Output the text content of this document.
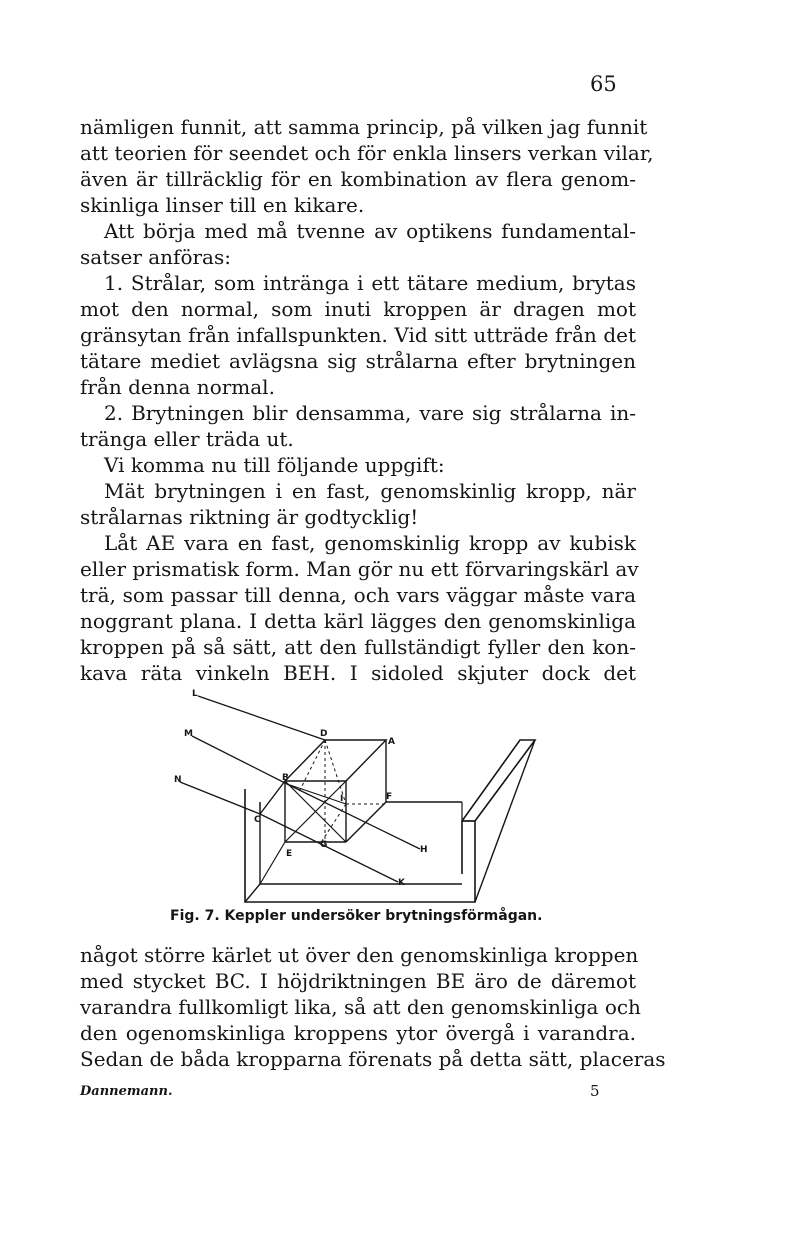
65
nämligen funnit, att samma princip, på vilken jag funnit
att teorien för seendet och för enkla linsers verkan vilar,
även är tillräcklig för en kombination av flera genom-
skinliga linser till en kikare.
Att börja med må tvenne av optikens fundamental-
satser anföras:
1. Strålar, som intränga i ett tätare medium, brytas
mot den normal, som inuti kroppen är dragen mot
gränsytan från infallspunkten. Vid sitt utträde från det
tätare mediet avlägsna sig strålarna efter brytningen
från denna normal.
2. Brytningen blir densamma, vare sig strålarna in-
tränga eller träda ut.
Vi komma nu till följande uppgift:
Mät brytningen i en fast, genomskinlig kropp, när
strålarnas riktning är godtycklig!
Låt AE vara en fast, genomskinlig kropp av kubisk
eller prismatisk form. Man gör nu ett förvaringskärl av
trä, som passar till denna, och vars väggar måste vara
noggrant plana. I detta kärl lägges den genomskinliga
kroppen på så sätt, att den fullständigt fyller den kon-
kava räta vinkeln BEH. I sidoled skjuter dock det
L
M
N
D
A
B
C
I	F
E
G	H
K
Fig. 7. Keppler undersöker brytningsförmågan.
något större kärlet ut över den genomskinliga kroppen
med stycket BC. I höjdriktningen BE äro de däremot
varandra fullkomligt lika, så att den genomskinliga och
den ogenomskinliga kroppens ytor övergå i varandra.
Sedan de båda kropparna förenats på detta sätt, placeras
Dannemann.	5
